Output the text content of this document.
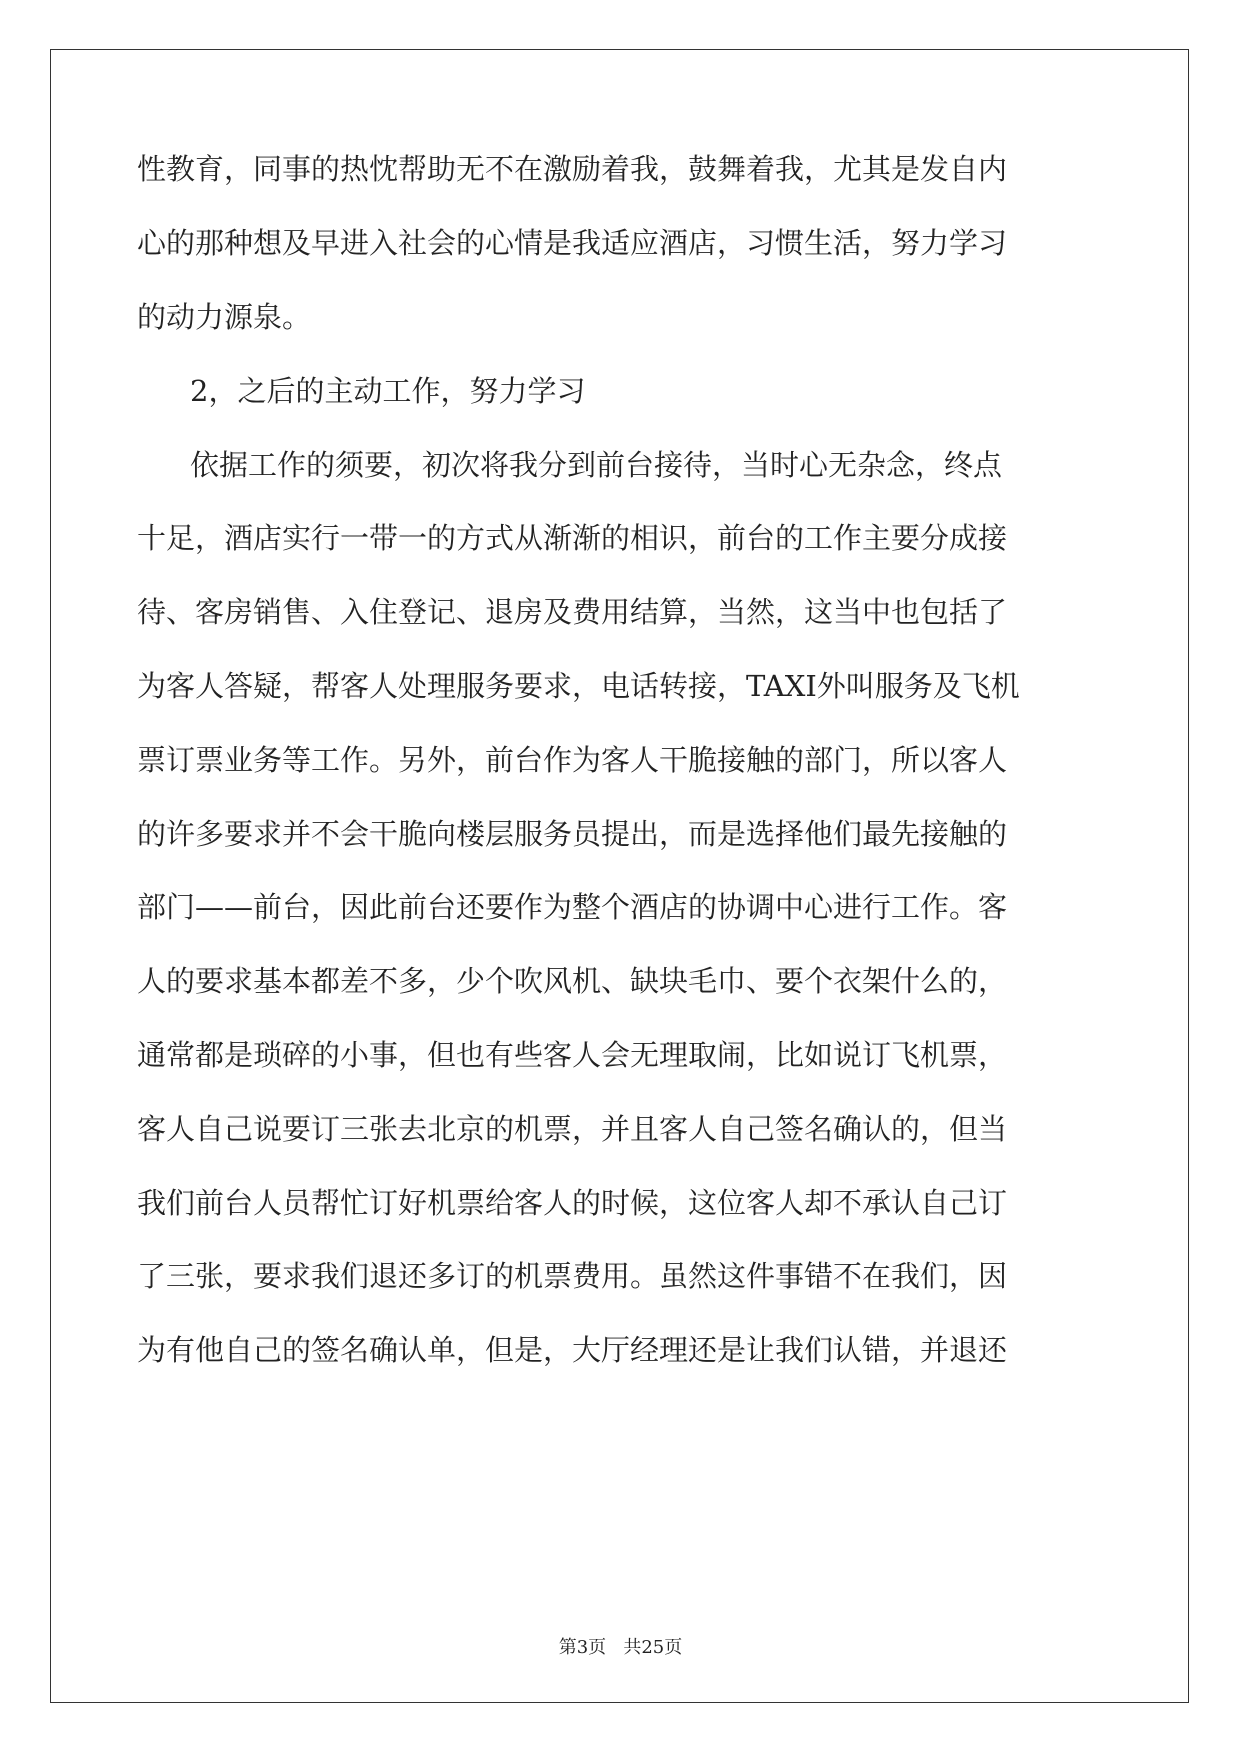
性教育，同事的热忱帮助无不在激励着我，鼓舞着我，尤其是发自内
心的那种想及早进入社会的心情是我适应酒店，习惯生活，努力学习
的动力源泉。
2，之后的主动工作，努力学习
依据工作的须要，初次将我分到前台接待，当时心无杂念，终点
十足，酒店实行一带一的方式从渐渐的相识，前台的工作主要分成接
待、客房销售、入住登记、退房及费用结算，当然，这当中也包括了
为客人答疑，帮客人处理服务要求，电话转接，TAXI外叫服务及飞机
票订票业务等工作。另外，前台作为客人干脆接触的部门，所以客人
的许多要求并不会干脆向楼层服务员提出，而是选择他们最先接触的
部门——前台，因此前台还要作为整个酒店的协调中心进行工作。客
人的要求基本都差不多，少个吹风机、缺块毛巾、要个衣架什么的，
通常都是琐碎的小事，但也有些客人会无理取闹，比如说订飞机票，
客人自己说要订三张去北京的机票，并且客人自己签名确认的，但当
我们前台人员帮忙订好机票给客人的时候，这位客人却不承认自己订
了三张，要求我们退还多订的机票费用。虽然这件事错不在我们，因
为有他自己的签名确认单，但是，大厅经理还是让我们认错，并退还
第3页   共25页
